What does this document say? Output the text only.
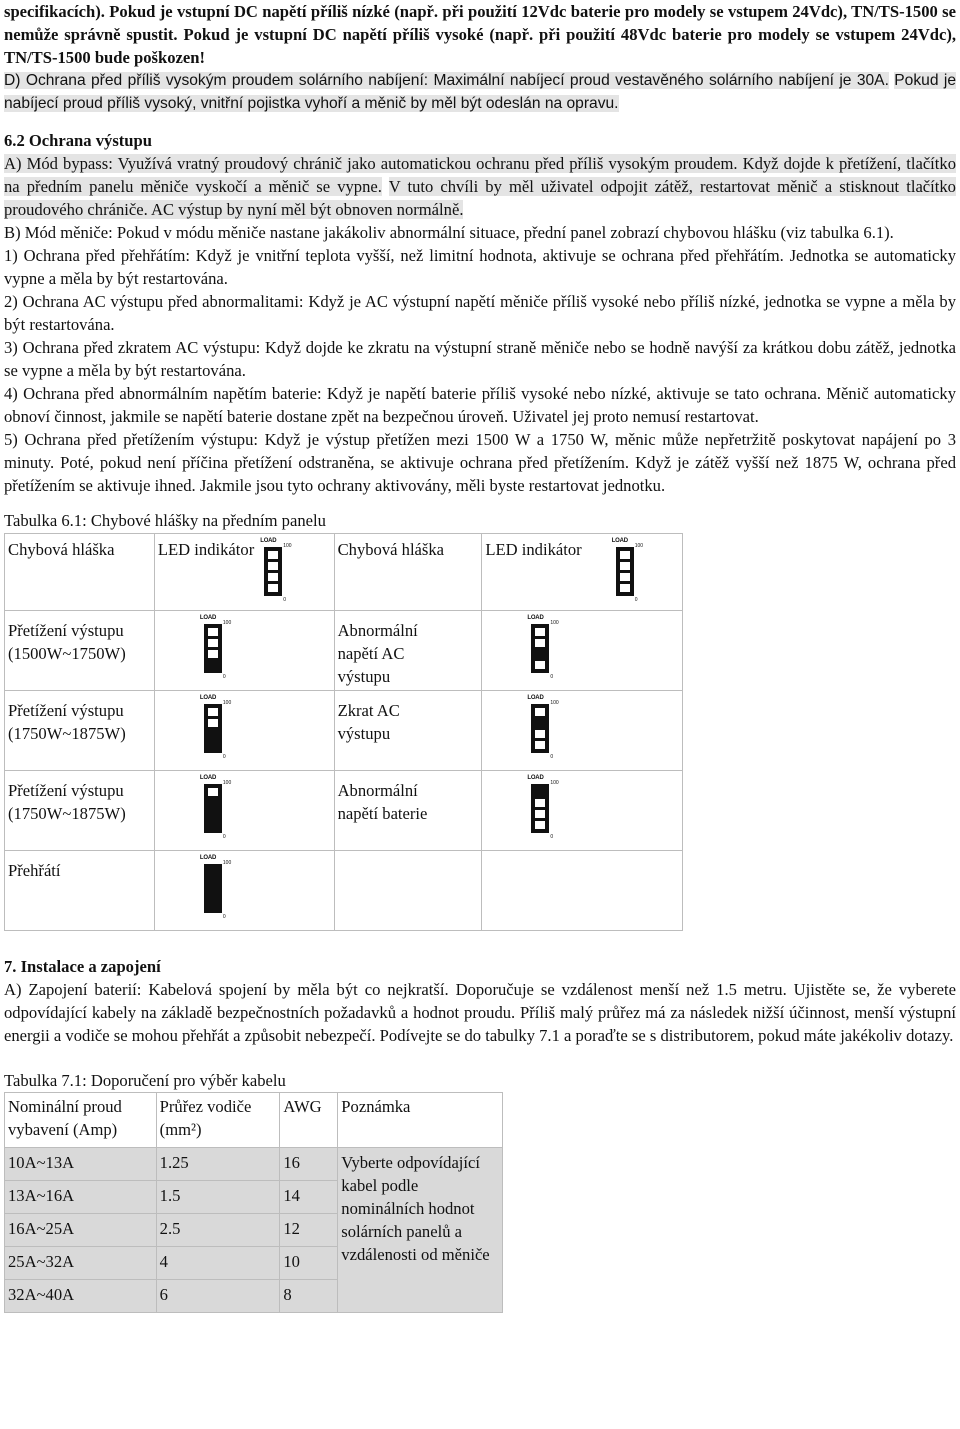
specifikacích). Pokud je vstupní DC napětí příliš nízké (např. při použití 12Vdc baterie pro modely se vstupem 24Vdc), TN/TS-1500 se nemůže správně spustit. Pokud je vstupní DC napětí příliš vysoké (např. při použití 48Vdc baterie pro modely se vstupem 24Vdc), TN/TS-1500 bude poškozen!

D) Ochrana před příliš vysokým proudem solárního nabíjení: Maximální nabíjecí proud vestavěného solárního nabíjení je 30A. Pokud je nabíjecí proud příliš vysoký, vnitřní pojistka vyhoří a měnič by měl být odeslán na opravu.

6.2 Ochrana výstupu

A) Mód bypass: Využívá vratný proudový chránič jako automatickou ochranu před příliš vysokým proudem. Když dojde k přetížení, tlačítko na předním panelu měniče vyskočí a měnič se vypne. V tuto chvíli by měl uživatel odpojit zátěž, restartovat měnič a stisknout tlačítko proudového chrániče. AC výstup by nyní měl být obnoven normálně.

B) Mód měniče: Pokud v módu měniče nastane jakákoliv abnormální situace, přední panel zobrazí chybovou hlášku (viz tabulka 6.1).

1) Ochrana před přehřátím: Když je vnitřní teplota vyšší, než limitní hodnota, aktivuje se ochrana před přehřátím. Jednotka se automaticky vypne a měla by být restartována.

2) Ochrana AC výstupu před abnormalitami: Když je AC výstupní napětí měniče příliš vysoké nebo příliš nízké, jednotka se vypne a měla by být restartována.

3) Ochrana před zkratem AC výstupu: Když dojde ke zkratu na výstupní straně měniče nebo se hodně navýší za krátkou dobu zátěž, jednotka se vypne a měla by být restartována.

4) Ochrana před abnormálním napětím baterie: Když je napětí baterie příliš vysoké nebo nízké, aktivuje se tato ochrana. Měnič automaticky obnoví činnost, jakmile se napětí baterie dostane zpět na bezpečnou úroveň. Uživatel jej proto nemusí restartovat.

5) Ochrana před přetížením výstupu: Když je výstup přetížen mezi 1500 W a 1750 W, měnic může nepřetržitě poskytovat napájení po 3 minuty. Poté, pokud není příčina přetížení odstraněna, se aktivuje ochrana před přetížením. Když je zátěž vyšší než 1875 W, ochrana před přetížením se aktivuje ihned. Jakmile jsou tyto ochrany aktivovány, měli byste restartovat jednotku.

Tabulka 6.1: Chybové hlášky na předním panelu
Chybová hláška	LED indikátor LOAD
100
0	Chybová hláška	LED indikátor LOAD
100
0

Přetížení výstupu
(1500W~1750W)	LOAD
100
0	Abnormální
napětí AC
výstupu	LOAD
100
0

Přetížení výstupu
(1750W~1875W)	LOAD
100
0	Zkrat AC
výstupu	LOAD
100
0

Přetížení výstupu
(1750W~1875W)	LOAD
100
0	Abnormální
napětí baterie	LOAD
100
0

Přehřátí	LOAD
100
0		

7. Instalace a zapojení

A) Zapojení baterií: Kabelová spojení by měla být co nejkratší. Doporučuje se vzdálenost menší než 1.5 metru. Ujistěte se, že vyberete odpovídající kabely na základě bezpečnostních požadavků a hodnot proudu. Příliš malý průřez má za následek nižší účinnost, menší výstupní energii a vodiče se mohou přehřát a způsobit nebezpečí. Podívejte se do tabulky 7.1 a poraďte se s distributorem, pokud máte jakékoliv dotazy.

Tabulka 7.1: Doporučení pro výběr kabelu
Nominální proud vybavení (Amp)	Průřez vodiče (mm²)	AWG	Poznámka
10A~13A	1.25	16	Vyberte odpovídající kabel podle nominálních hodnot solárních panelů a vzdálenosti od měniče
13A~16A	1.5	14	
16A~25A	2.5	12	
25A~32A	4	10	
32A~40A	6	8	
